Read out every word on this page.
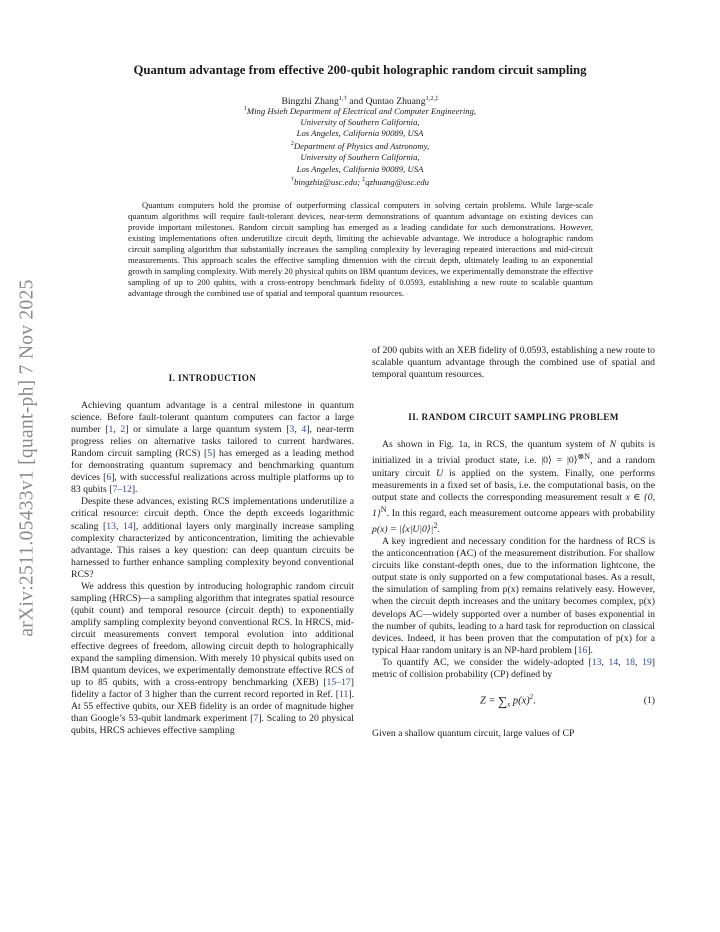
arXiv:2511.05433v1 [quant-ph] 7 Nov 2025
Quantum advantage from effective 200-qubit holographic random circuit sampling
Bingzhi Zhang$^{1,\dagger}$ and Quntao Zhuang$^{1,2,\ddagger}$
$^1$Ming Hsieh Department of Electrical and Computer Engineering,
University of Southern California,
Los Angeles, California 90089, USA
$^2$Department of Physics and Astronomy,
University of Southern California,
Los Angeles, California 90089, USA
†bingzhiz@usc.edu; ‡qzhuang@usc.edu
Quantum computers hold the promise of outperforming classical computers in solving certain problems. While large-scale quantum algorithms will require fault-tolerant devices, near-term demonstrations of quantum advantage on existing devices can provide important milestones. Random circuit sampling has emerged as a leading candidate for such demonstrations. However, existing implementations often underutilize circuit depth, limiting the achievable advantage. We introduce a holographic random circuit sampling algorithm that substantially increases the sampling complexity by leveraging repeated interactions and mid-circuit measurements. This approach scales the effective sampling dimension with the circuit depth, ultimately leading to an exponential growth in sampling complexity. With merely 20 physical qubits on IBM quantum devices, we experimentally demonstrate the effective sampling of up to 200 qubits, with a cross-entropy benchmark fidelity of 0.0593, establishing a new route to scalable quantum advantage through the combined use of spatial and temporal quantum resources.
I. INTRODUCTION

Achieving quantum advantage is a central milestone in quantum science. Before fault-tolerant quantum computers can factor a large number [1, 2] or simulate a large quantum system [3, 4], near-term progress relies on alternative tasks tailored to current hardwares. Random circuit sampling (RCS) [5] has emerged as a leading method for demonstrating quantum supremacy and benchmarking quantum devices [6], with successful realizations across multiple platforms up to 83 qubits [7–12].

Despite these advances, existing RCS implementations underutilize a critical resource: circuit depth. Once the depth exceeds logarithmic scaling [13, 14], additional layers only marginally increase sampling complexity characterized by anticoncentration, limiting the achievable advantage. This raises a key question: can deep quantum circuits be harnessed to further enhance sampling complexity beyond conventional RCS?

We address this question by introducing holographic random circuit sampling (HRCS)—a sampling algorithm that integrates spatial resource (qubit count) and temporal resource (circuit depth) to exponentially amplify sampling complexity beyond conventional RCS. In HRCS, mid-circuit measurements convert temporal evolution into additional effective degrees of freedom, allowing circuit depth to holographically expand the sampling dimension. With merely 10 physical qubits used on IBM quantum devices, we experimentally demonstrate effective RCS of up to 85 qubits, with a cross-entropy benchmarking (XEB) [15–17] fidelity a factor of 3 higher than the current record reported in Ref. [11]. At 55 effective qubits, our XEB fidelity is an order of magnitude higher than Google’s 53-qubit landmark experiment [7]. Scaling to 20 physical qubits, HRCS achieves effective sampling

of 200 qubits with an XEB fidelity of 0.0593, establishing a new route to scalable quantum advantage through the combined use of spatial and temporal quantum resources.

II. RANDOM CIRCUIT SAMPLING PROBLEM

As shown in Fig. 1a, in RCS, the quantum system of N qubits is initialized in a trivial product state, i.e. |0⟩ = |0⟩$^{\otimes N}$, and a random unitary circuit U is applied on the system. Finally, one performs measurements in a fixed set of basis, i.e. the computational basis, on the output state and collects the corresponding measurement result x ∈ {0, 1}$^N$. In this regard, each measurement outcome appears with probability $p(x) = |⟨x|U|0⟩|^2$.

A key ingredient and necessary condition for the hardness of RCS is the anticoncentration (AC) of the measurement distribution. For shallow circuits like constant-depth ones, due to the information lightcone, the output state is only supported on a few computational bases. As a result, the simulation of sampling from p(x) remains relatively easy. However, when the circuit depth increases and the unitary becomes complex, p(x) develops AC—widely supported over a number of bases exponential in the number of qubits, leading to a hard task for reproduction on classical devices. Indeed, it has been proven that the computation of p(x) for a typical Haar random unitary is an NP-hard problem [16].

To quantify AC, we consider the widely-adopted [13, 14, 18, 19] metric of collision probability (CP) defined by

$Z = \sum_x$ $p(x)^2$.	(1)

Given a shallow quantum circuit, large values of CP
